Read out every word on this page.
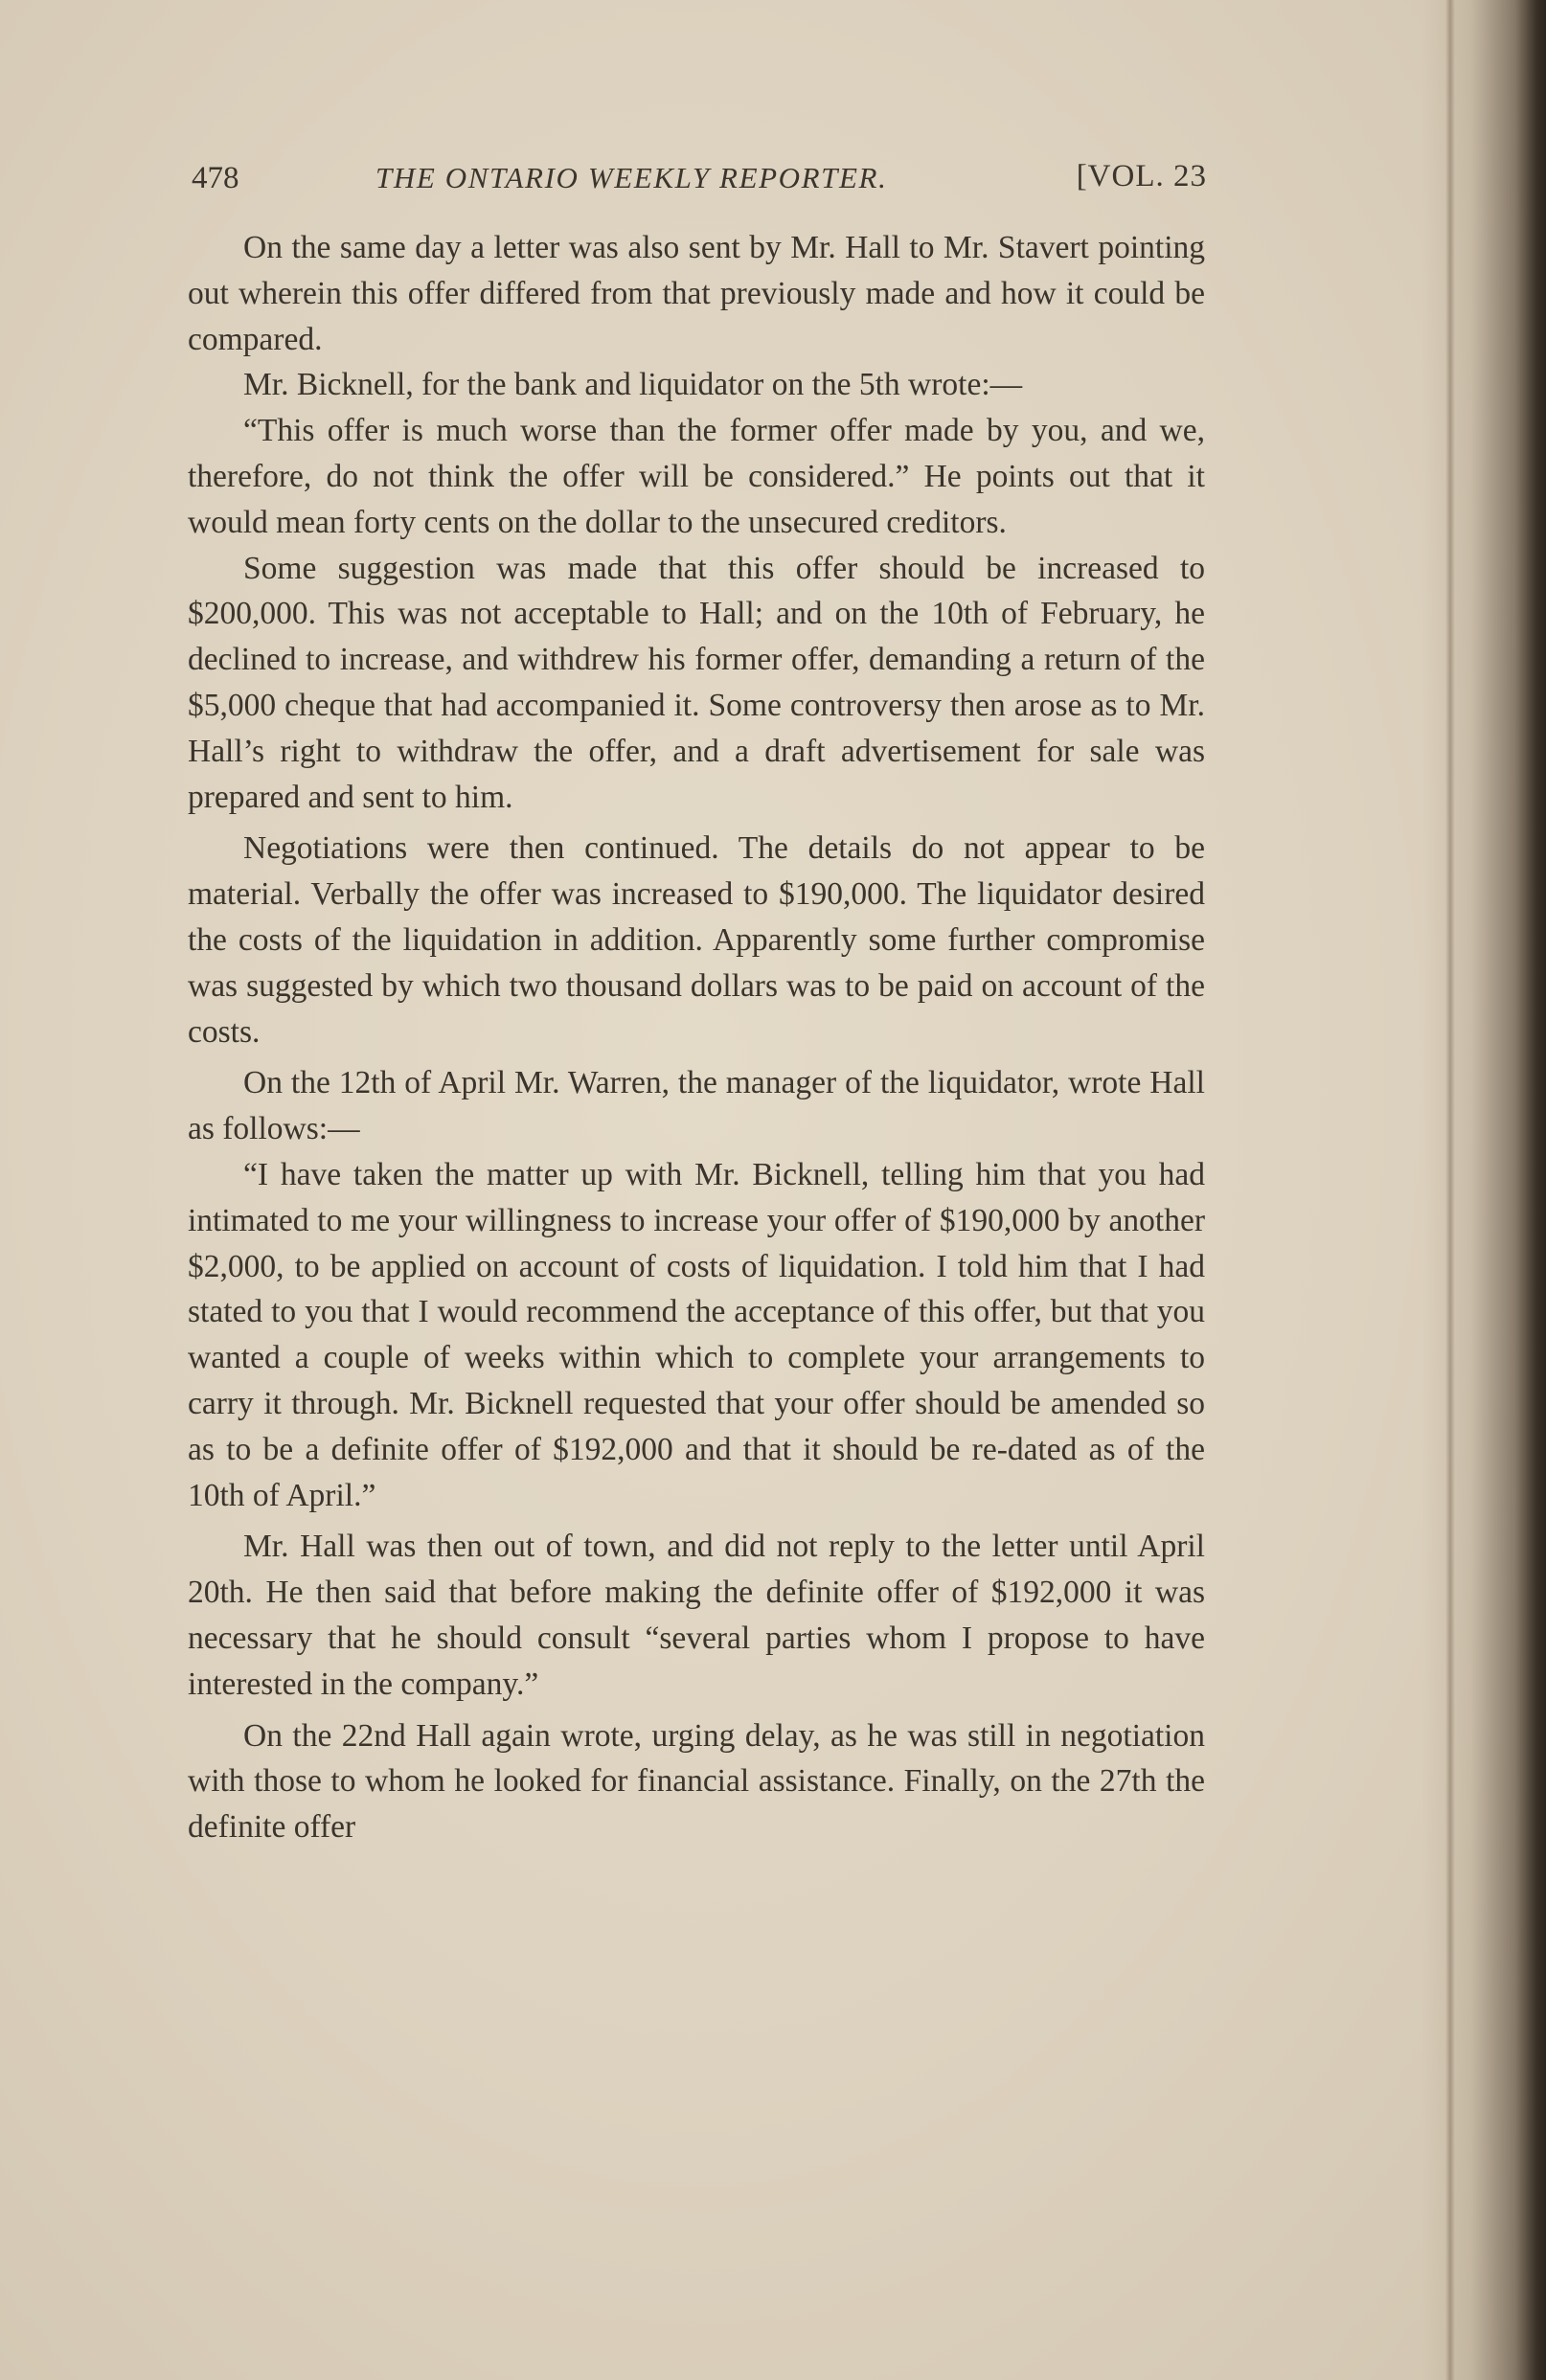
478	THE ONTARIO WEEKLY REPORTER.	[VOL. 23

On the same day a letter was also sent by Mr. Hall to Mr. Stavert pointing out wherein this offer differed from that previously made and how it could be compared.

Mr. Bicknell, for the bank and liquidator on the 5th wrote:—

“This offer is much worse than the former offer made by you, and we, therefore, do not think the offer will be considered.” He points out that it would mean forty cents on the dollar to the unsecured creditors.

Some suggestion was made that this offer should be increased to $200,000. This was not acceptable to Hall; and on the 10th of February, he declined to increase, and withdrew his former offer, demanding a return of the $5,000 cheque that had accompanied it. Some controversy then arose as to Mr. Hall’s right to withdraw the offer, and a draft advertisement for sale was prepared and sent to him.

Negotiations were then continued. The details do not appear to be material. Verbally the offer was increased to $190,000. The liquidator desired the costs of the liquidation in addition. Apparently some further compromise was suggested by which two thousand dollars was to be paid on account of the costs.

On the 12th of April Mr. Warren, the manager of the liquidator, wrote Hall as follows:—

“I have taken the matter up with Mr. Bicknell, telling him that you had intimated to me your willingness to increase your offer of $190,000 by another $2,000, to be applied on account of costs of liquidation. I told him that I had stated to you that I would recommend the acceptance of this offer, but that you wanted a couple of weeks within which to complete your arrangements to carry it through. Mr. Bicknell requested that your offer should be amended so as to be a definite offer of $192,000 and that it should be re-dated as of the 10th of April.”

Mr. Hall was then out of town, and did not reply to the letter until April 20th. He then said that before making the definite offer of $192,000 it was necessary that he should consult “several parties whom I propose to have interested in the company.”

On the 22nd Hall again wrote, urging delay, as he was still in negotiation with those to whom he looked for financial assistance. Finally, on the 27th the definite offer
